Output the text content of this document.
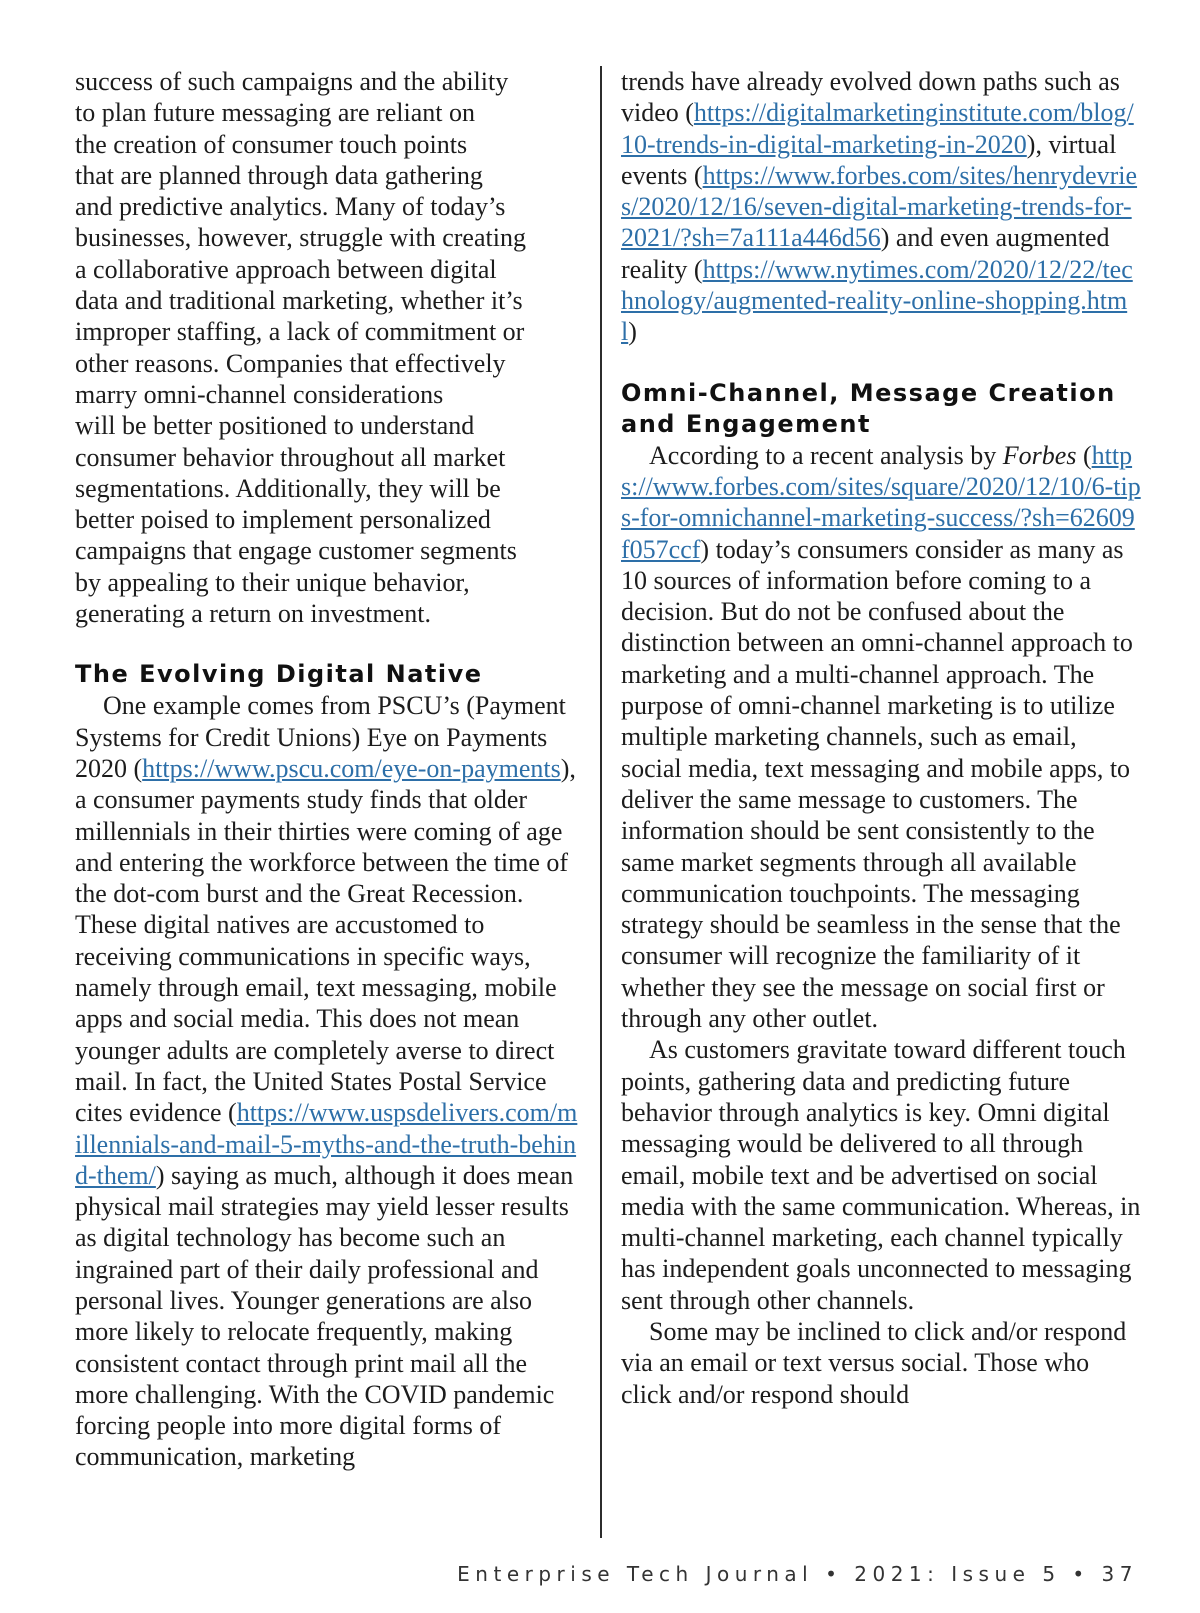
success of such campaigns and the ability
to plan future messaging are reliant on
the creation of consumer touch points
that are planned through data gathering
and predictive analytics. Many of today’s
businesses, however, struggle with creating
a collaborative approach between digital
data and traditional marketing, whether it’s
improper staffing, a lack of commitment or
other reasons. Companies that effectively
marry omni-channel considerations
will be better positioned to understand
consumer behavior throughout all market
segmentations. Additionally, they will be
better poised to implement personalized
campaigns that engage customer segments
by appealing to their unique behavior,
generating a return on investment.

The Evolving Digital Native

One example comes from PSCU’s (Payment Systems for Credit Unions) Eye on Payments 2020 (https://www.pscu.com/eye-on-payments), a consumer payments study finds that older millennials in their thirties were coming of age and entering the workforce between the time of the dot-com burst and the Great Recession. These digital natives are accustomed to receiving communications in specific ways, namely through email, text messaging, mobile apps and social media. This does not mean younger adults are completely averse to direct mail. In fact, the United States Postal Service cites evidence (https://www.uspsdelivers.com/millennials-and-mail-5-myths-and-the-truth-behind-them/) saying as much, although it does mean physical mail strategies may yield lesser results as digital technology has become such an ingrained part of their daily professional and personal lives. Younger generations are also more likely to relocate frequently, making consistent contact through print mail all the more challenging. With the COVID pandemic forcing people into more digital forms of communication, marketing

trends have already evolved down paths such as video (https://digitalmarketinginstitute.com/blog/10-trends-in-digital-marketing-in-2020), virtual events (https://www.forbes.com/sites/henrydevries/2020/12/16/seven-digital-marketing-trends-for-2021/?sh=7a111a446d56) and even augmented reality (https://www.nytimes.com/2020/12/22/technology/augmented-reality-online-shopping.html)

Omni-Channel, Message Creation
and Engagement

According to a recent analysis by Forbes (https://www.forbes.com/sites/square/2020/12/10/6-tips-for-omnichannel-marketing-success/?sh=62609f057ccf) today’s consumers consider as many as 10 sources of information before coming to a decision. But do not be confused about the distinction between an omni-channel approach to marketing and a multi-channel approach. The purpose of omni-channel marketing is to utilize multiple marketing channels, such as email, social media, text messaging and mobile apps, to deliver the same message to customers. The information should be sent consistently to the same market segments through all available communication touchpoints. The messaging strategy should be seamless in the sense that the consumer will recognize the familiarity of it whether they see the message on social first or through any other outlet.

As customers gravitate toward different touch points, gathering data and predicting future behavior through analytics is key. Omni digital messaging would be delivered to all through email, mobile text and be advertised on social media with the same communication. Whereas, in multi-channel marketing, each channel typically has independent goals unconnected to messaging sent through other channels.

Some may be inclined to click and/or respond via an email or text versus social. Those who click and/or respond should

Enterprise Tech Journal • 2021: Issue 5 • 37
